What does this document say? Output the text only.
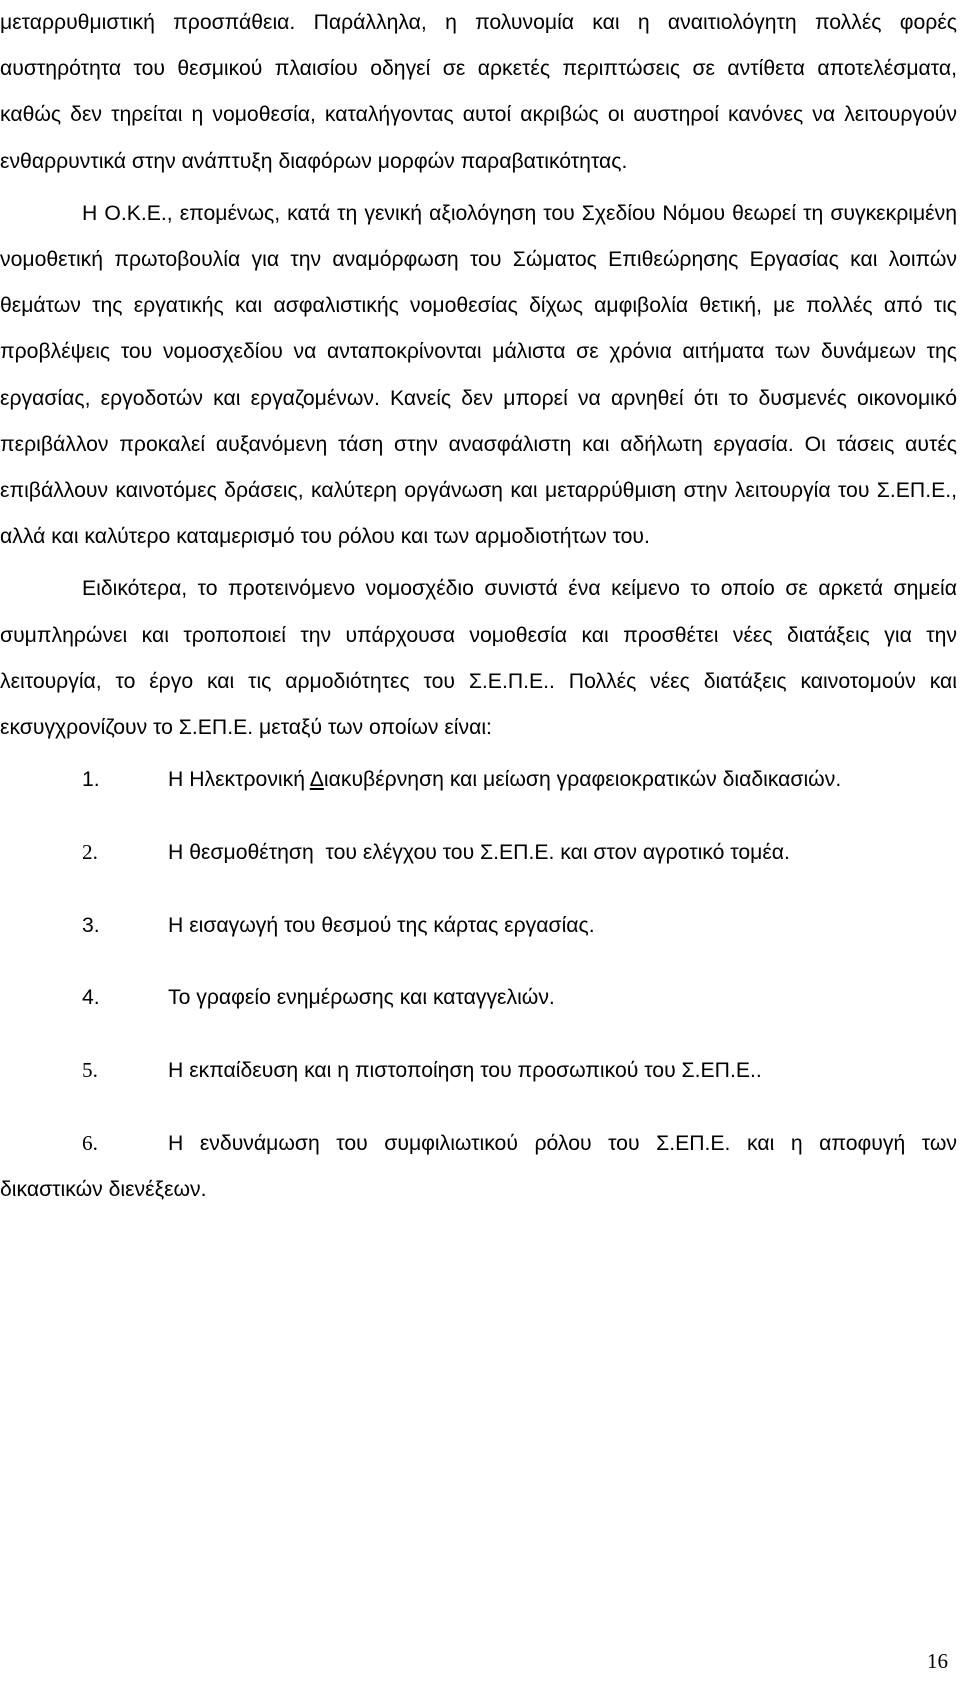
μεταρρυθμιστική προσπάθεια. Παράλληλα, η πολυνομία και η αναιτιολόγητη πολλές φορές αυστηρότητα του θεσμικού πλαισίου οδηγεί σε αρκετές περιπτώσεις σε αντίθετα αποτελέσματα, καθώς δεν τηρείται η νομοθεσία, καταλήγοντας αυτοί ακριβώς οι αυστηροί κανόνες να λειτουργούν ενθαρρυντικά στην ανάπτυξη διαφόρων μορφών παραβατικότητας.

Η Ο.Κ.Ε., επομένως, κατά τη γενική αξιολόγηση του Σχεδίου Νόμου θεωρεί τη συγκεκριμένη νομοθετική πρωτοβουλία για την αναμόρφωση του Σώματος Επιθεώρησης Εργασίας και λοιπών θεμάτων της εργατικής και ασφαλιστικής νομοθεσίας δίχως αμφιβολία θετική, με πολλές από τις προβλέψεις του νομοσχεδίου να ανταποκρίνονται μάλιστα σε χρόνια αιτήματα των δυνάμεων της εργασίας, εργοδοτών και εργαζομένων. Κανείς δεν μπορεί να αρνηθεί ότι το δυσμενές οικονομικό περιβάλλον προκαλεί αυξανόμενη τάση στην ανασφάλιστη και αδήλωτη εργασία. Οι τάσεις αυτές επιβάλλουν καινοτόμες δράσεις, καλύτερη οργάνωση και μεταρρύθμιση στην λειτουργία του Σ.ΕΠ.Ε., αλλά και καλύτερο καταμερισμό του ρόλου και των αρμοδιοτήτων του.

Ειδικότερα, το προτεινόμενο νομοσχέδιο συνιστά ένα κείμενο το οποίο σε αρκετά σημεία συμπληρώνει και τροποποιεί την υπάρχουσα νομοθεσία και προσθέτει νέες διατάξεις για την λειτουργία, το έργο και τις αρμοδιότητες του Σ.Ε.Π.Ε.. Πολλές νέες διατάξεις καινοτομούν και εκσυγχρονίζουν το Σ.ΕΠ.Ε. μεταξύ των οποίων είναι:

1.	Η Ηλεκτρονική Διακυβέρνηση και μείωση γραφειοκρατικών διαδικασιών.

2.	Η θεσμοθέτηση  του ελέγχου του Σ.ΕΠ.Ε. και στον αγροτικό τομέα.

3.	Η εισαγωγή του θεσμού της κάρτας εργασίας.

4.	Το γραφείο ενημέρωσης και καταγγελιών.

5.	Η εκπαίδευση και η πιστοποίηση του προσωπικού του Σ.ΕΠ.Ε..

6.	Η ενδυνάμωση του συμφιλιωτικού ρόλου του Σ.ΕΠ.Ε. και η αποφυγή των δικαστικών διενέξεων.

16
